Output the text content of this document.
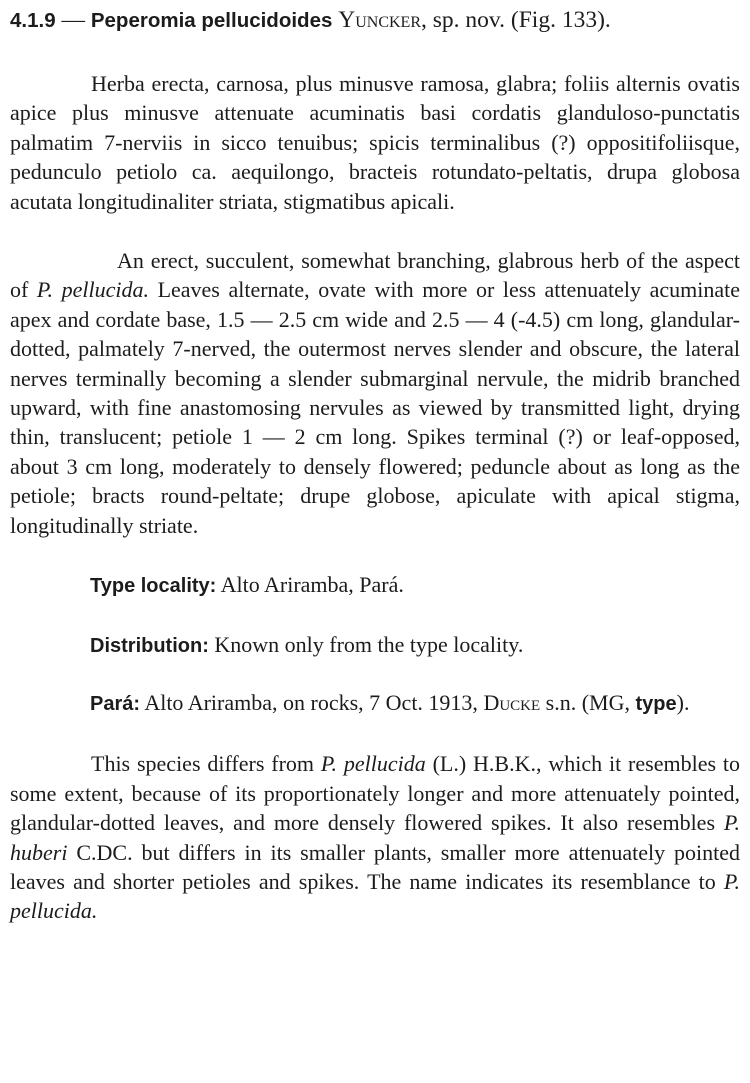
4.1.9 — Peperomia pellucidoides Yuncker, sp. nov. (Fig. 133).

Herba erecta, carnosa, plus minusve ramosa, glabra; foliis alternis ovatis apice plus minusve attenuate acuminatis basi cordatis glanduloso-punctatis palmatim 7-nerviis in sicco tenuibus; spicis terminalibus (?) oppositifoliisque, pedunculo petiolo ca. aequilongo, bracteis rotundato-peltatis, drupa globosa acutata longitudinaliter striata, stigmatibus apicali.

An erect, succulent, somewhat branching, glabrous herb of the aspect of P. pellucida. Leaves alternate, ovate with more or less attenuately acuminate apex and cordate base, 1.5 — 2.5 cm wide and 2.5 — 4 (-4.5) cm long, glandular-dotted, palmately 7-nerved, the outermost nerves slender and obscure, the lateral nerves terminally becoming a slender submarginal nervule, the midrib branched upward, with fine anastomosing nervules as viewed by transmitted light, drying thin, translucent; petiole 1 — 2 cm long. Spikes terminal (?) or leaf-opposed, about 3 cm long, moderately to densely flowered; peduncle about as long as the petiole; bracts round-peltate; drupe globose, apiculate with apical stigma, longitudinally striate.

Type locality: Alto Ariramba, Pará.

Distribution: Known only from the type locality.

Pará: Alto Ariramba, on rocks, 7 Oct. 1913, Ducke s.n. (MG, type).

This species differs from P. pellucida (L.) H.B.K., which it resembles to some extent, because of its proportionately longer and more attenuately pointed, glandular-dotted leaves, and more densely flowered spikes. It also resembles P. huberi C.DC. but differs in its smaller plants, smaller more attenuately pointed leaves and shorter petioles and spikes. The name indicates its resemblance to P. pellucida.
